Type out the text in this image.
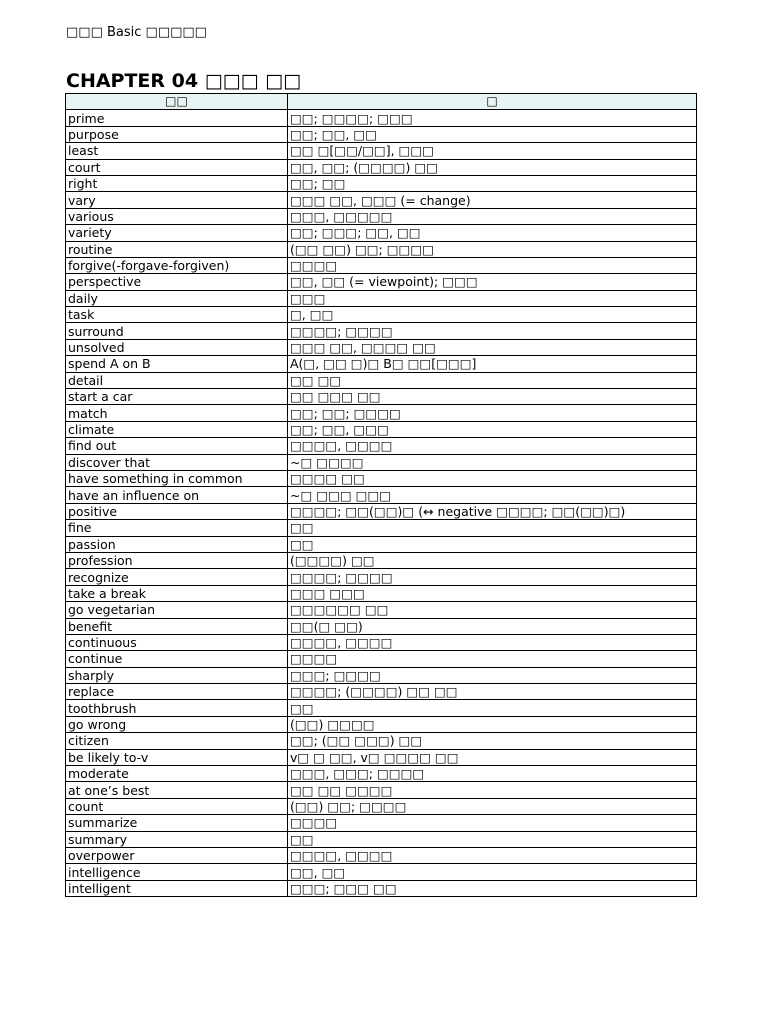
□□□ Basic □□□□□
CHAPTER 04 □□□ □□
□□	□
prime	□□; □□□□; □□□
purpose	□□; □□, □□
least	□□ □[□□/□□], □□□
court	□□, □□; (□□□□) □□
right	□□; □□
vary	□□□ □□, □□□ (= change)
various	□□□, □□□□□
variety	□□; □□□; □□, □□
routine	(□□ □□) □□; □□□□
forgive(-forgave-forgiven)	□□□□
perspective	□□, □□ (= viewpoint); □□□
daily	□□□
task	□, □□
surround	□□□□; □□□□
unsolved	□□□ □□, □□□□ □□
spend A on B	A(□, □□ □)□ B□ □□[□□□]
detail	□□ □□
start a car	□□ □□□ □□
match	□□; □□; □□□□
climate	□□; □□, □□□
find out	□□□□, □□□□
discover that	~□ □□□□
have something in common	□□□□ □□
have an influence on	~□ □□□ □□□
positive	□□□□; □□(□□)□ (↔ negative □□□□; □□(□□)□)
fine	□□
passion	□□
profession	(□□□□) □□
recognize	□□□□; □□□□
take a break	□□□ □□□
go vegetarian	□□□□□□ □□
benefit	□□(□ □□)
continuous	□□□□, □□□□
continue	□□□□
sharply	□□□; □□□□
replace	□□□□; (□□□□) □□ □□
toothbrush	□□
go wrong	(□□) □□□□
citizen	□□; (□□ □□□) □□
be likely to-v	v□ □ □□, v□ □□□□ □□
moderate	□□□, □□□; □□□□
at one’s best	□□ □□ □□□□
count	(□□) □□; □□□□
summarize	□□□□
summary	□□
overpower	□□□□, □□□□
intelligence	□□, □□
intelligent	□□□; □□□ □□
